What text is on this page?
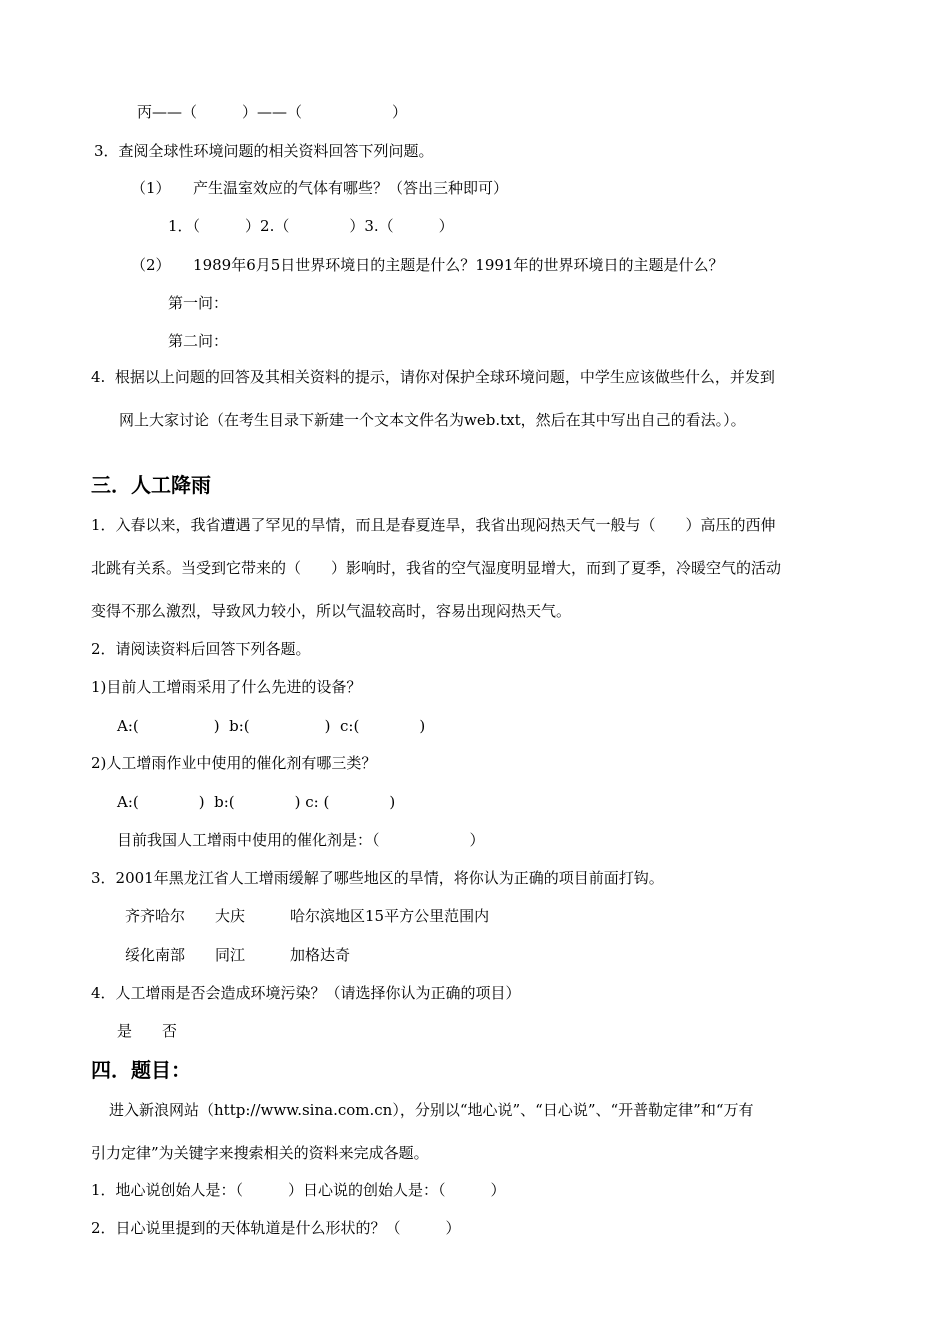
丙——（　　　）——（　　　　　　）
3．查阅全球性环境问题的相关资料回答下列问题。
（1）　　产生温室效应的气体有哪些？（答出三种即可）
1．（　　　）2.（　　　　）3.（　　　）
（2）　　1989年6月5日世界环境日的主题是什么？1991年的世界环境日的主题是什么？
第一问：
第二问：
4.  根据以上问题的回答及其相关资料的提示，请你对保护全球环境问题，中学生应该做些什么，并发到
网上大家讨论（在考生目录下新建一个文本文件名为web.txt，然后在其中写出自己的看法。）。
三．人工降雨
1．入春以来，我省遭遇了罕见的旱情，而且是春夏连旱，我省出现闷热天气一般与（　　）高压的西伸
北跳有关系。当受到它带来的（　　）影响时，我省的空气湿度明显增大，而到了夏季，冷暖空气的活动
变得不那么激烈，导致风力较小，所以气温较高时，容易出现闷热天气。
2．请阅读资料后回答下列各题。
1)目前人工增雨采用了什么先进的设备？
A:(　　　　　)  b:(　　　　　)  c:(　　　　)
2)人工增雨作业中使用的催化剂有哪三类？
A:(　　　　)  b:(　　　　) c: (　　　　)
目前我国人工增雨中使用的催化剂是：（　　　　　　）
3．2001年黑龙江省人工增雨缓解了哪些地区的旱情，将你认为正确的项目前面打钩。
齐齐哈尔　　大庆　　　哈尔滨地区15平方公里范围内
绥化南部　　同江　　　加格达奇
4．人工增雨是否会造成环境污染？（请选择你认为正确的项目）
是　　否
四．题目：
进入新浪网站（http://www.sina.com.cn），分别以“地心说”、“日心说”、“开普勒定律”和“万有
引力定律”为关键字来搜索相关的资料来完成各题。
1．地心说创始人是：（　　　）日心说的创始人是：（　　　）
2．日心说里提到的天体轨道是什么形状的？（　　　）
